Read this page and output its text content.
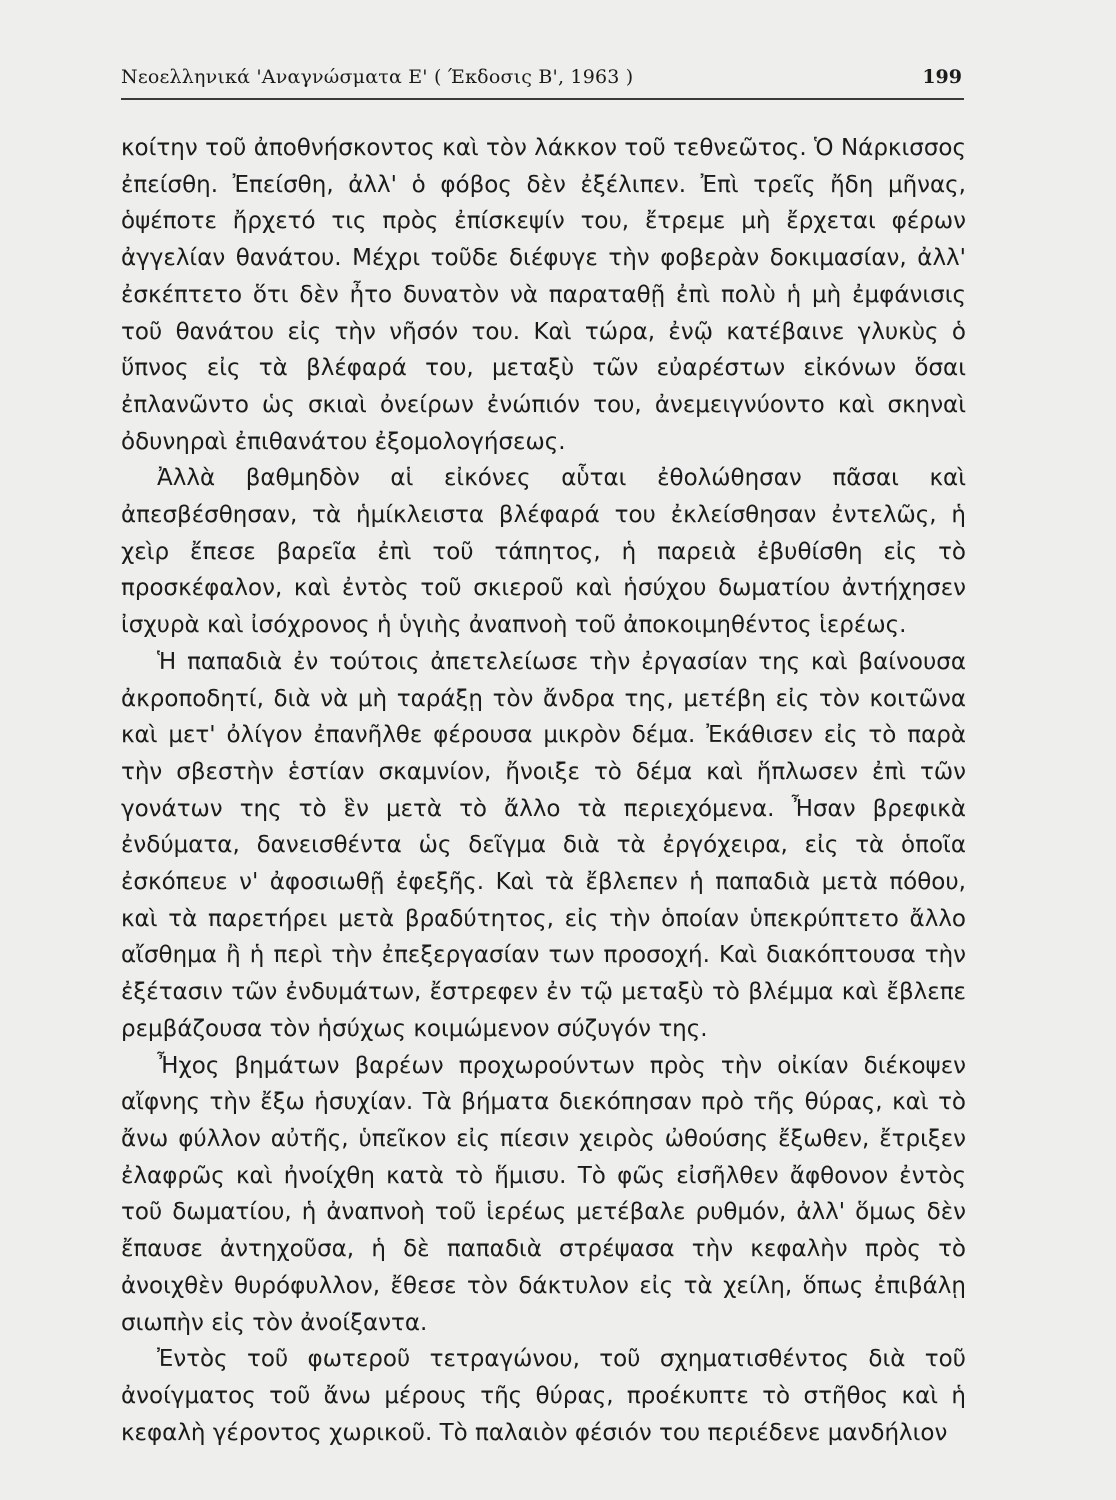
Νεοελληνικά 'Αναγνώσματα Ε' ( Έκδοσις Β', 1963 )	199

κοίτην τοῦ ἀποθνήσκοντος καὶ τὸν λάκκον τοῦ τεθνεῶτος. Ὁ Νάρκισσος ἐπείσθη. Ἐπείσθη, ἀλλ' ὁ φόβος δὲν ἐξέλιπεν. Ἐπὶ τρεῖς ἤδη μῆνας, ὁψέποτε ἤρχετό τις πρὸς ἐπίσκεψίν του, ἔτρεμε μὴ ἔρχεται φέρων ἀγγελίαν θανάτου. Μέχρι τοῦδε διέφυγε τὴν φοβερὰν δοκιμασίαν, ἀλλ' ἐσκέπτετο ὅτι δὲν ἦτο δυνατὸν νὰ παραταθῇ ἐπὶ πολὺ ἡ μὴ ἐμφάνισις τοῦ θανάτου εἰς τὴν νῆσόν του. Καὶ τώρα, ἐνῷ κατέβαινε γλυκὺς ὁ ὕπνος εἰς τὰ βλέφαρά του, μεταξὺ τῶν εὐαρέστων εἰκόνων ὅσαι ἐπλανῶντο ὡς σκιαὶ ὀνείρων ἐνώπιόν του, ἀνεμειγνύοντο καὶ σκηναὶ ὀδυνηραὶ ἐπιθανάτου ἐξομολογήσεως.

Ἀλλὰ βαθμηδὸν αἱ εἰκόνες αὗται ἐθολώθησαν πᾶσαι καὶ ἀπεσβέσθησαν, τὰ ἡμίκλειστα βλέφαρά του ἐκλείσθησαν ἐντελῶς, ἡ χεὶρ ἔπεσε βαρεῖα ἐπὶ τοῦ τάπητος, ἡ παρειὰ ἐβυθίσθη εἰς τὸ προσκέφαλον, καὶ ἐντὸς τοῦ σκιεροῦ καὶ ἡσύχου δωματίου ἀντήχησεν ἰσχυρὰ καὶ ἰσόχρονος ἡ ὑγιὴς ἀναπνοὴ τοῦ ἀποκοιμηθέντος ἱερέως.

Ἡ παπαδιὰ ἐν τούτοις ἀπετελείωσε τὴν ἐργασίαν της καὶ βαίνουσα ἀκροποδητί, διὰ νὰ μὴ ταράξῃ τὸν ἄνδρα της, μετέβη εἰς τὸν κοιτῶνα καὶ μετ' ὀλίγον ἐπανῆλθε φέρουσα μικρὸν δέμα. Ἐκάθισεν εἰς τὸ παρὰ τὴν σβεστὴν ἑστίαν σκαμνίον, ἤνοιξε τὸ δέμα καὶ ἥπλωσεν ἐπὶ τῶν γονάτων της τὸ ἓν μετὰ τὸ ἄλλο τὰ περιεχόμενα. Ἦσαν βρεφικὰ ἐνδύματα, δανεισθέντα ὡς δεῖγμα διὰ τὰ ἐργόχειρα, εἰς τὰ ὁποῖα ἐσκόπευε ν' ἀφοσιωθῇ ἐφεξῆς. Καὶ τὰ ἔβλεπεν ἡ παπαδιὰ μετὰ πόθου, καὶ τὰ παρετήρει μετὰ βραδύτητος, εἰς τὴν ὁποίαν ὑπεκρύπτετο ἄλλο αἴσθημα ἢ ἡ περὶ τὴν ἐπεξεργασίαν των προσοχή. Καὶ διακόπτουσα τὴν ἐξέτασιν τῶν ἐνδυμάτων, ἔστρεφεν ἐν τῷ μεταξὺ τὸ βλέμμα καὶ ἔβλεπε ρεμβάζουσα τὸν ἡσύχως κοιμώμενον σύζυγόν της.

Ἦχος βημάτων βαρέων προχωρούντων πρὸς τὴν οἰκίαν διέκοψεν αἴφνης τὴν ἔξω ἡσυχίαν. Τὰ βήματα διεκόπησαν πρὸ τῆς θύρας, καὶ τὸ ἄνω φύλλον αὐτῆς, ὑπεῖκον εἰς πίεσιν χειρὸς ὠθούσης ἔξωθεν, ἔτριξεν ἐλαφρῶς καὶ ἠνοίχθη κατὰ τὸ ἥμισυ. Τὸ φῶς εἰσῆλθεν ἄφθονον ἐντὸς τοῦ δωματίου, ἡ ἀναπνοὴ τοῦ ἱερέως μετέβαλε ρυθμόν, ἀλλ' ὅμως δὲν ἔπαυσε ἀντηχοῦσα, ἡ δὲ παπαδιὰ στρέψασα τὴν κεφαλὴν πρὸς τὸ ἀνοιχθὲν θυρόφυλλον, ἔθεσε τὸν δάκτυλον εἰς τὰ χείλη, ὅπως ἐπιβάλῃ σιωπὴν εἰς τὸν ἀνοίξαντα.

Ἐντὸς τοῦ φωτεροῦ τετραγώνου, τοῦ σχηματισθέντος διὰ τοῦ ἀνοίγματος τοῦ ἄνω μέρους τῆς θύρας, προέκυπτε τὸ στῆθος καὶ ἡ κεφαλὴ γέροντος χωρικοῦ. Τὸ παλαιὸν φέσιόν του περιέδενε μανδήλιον
